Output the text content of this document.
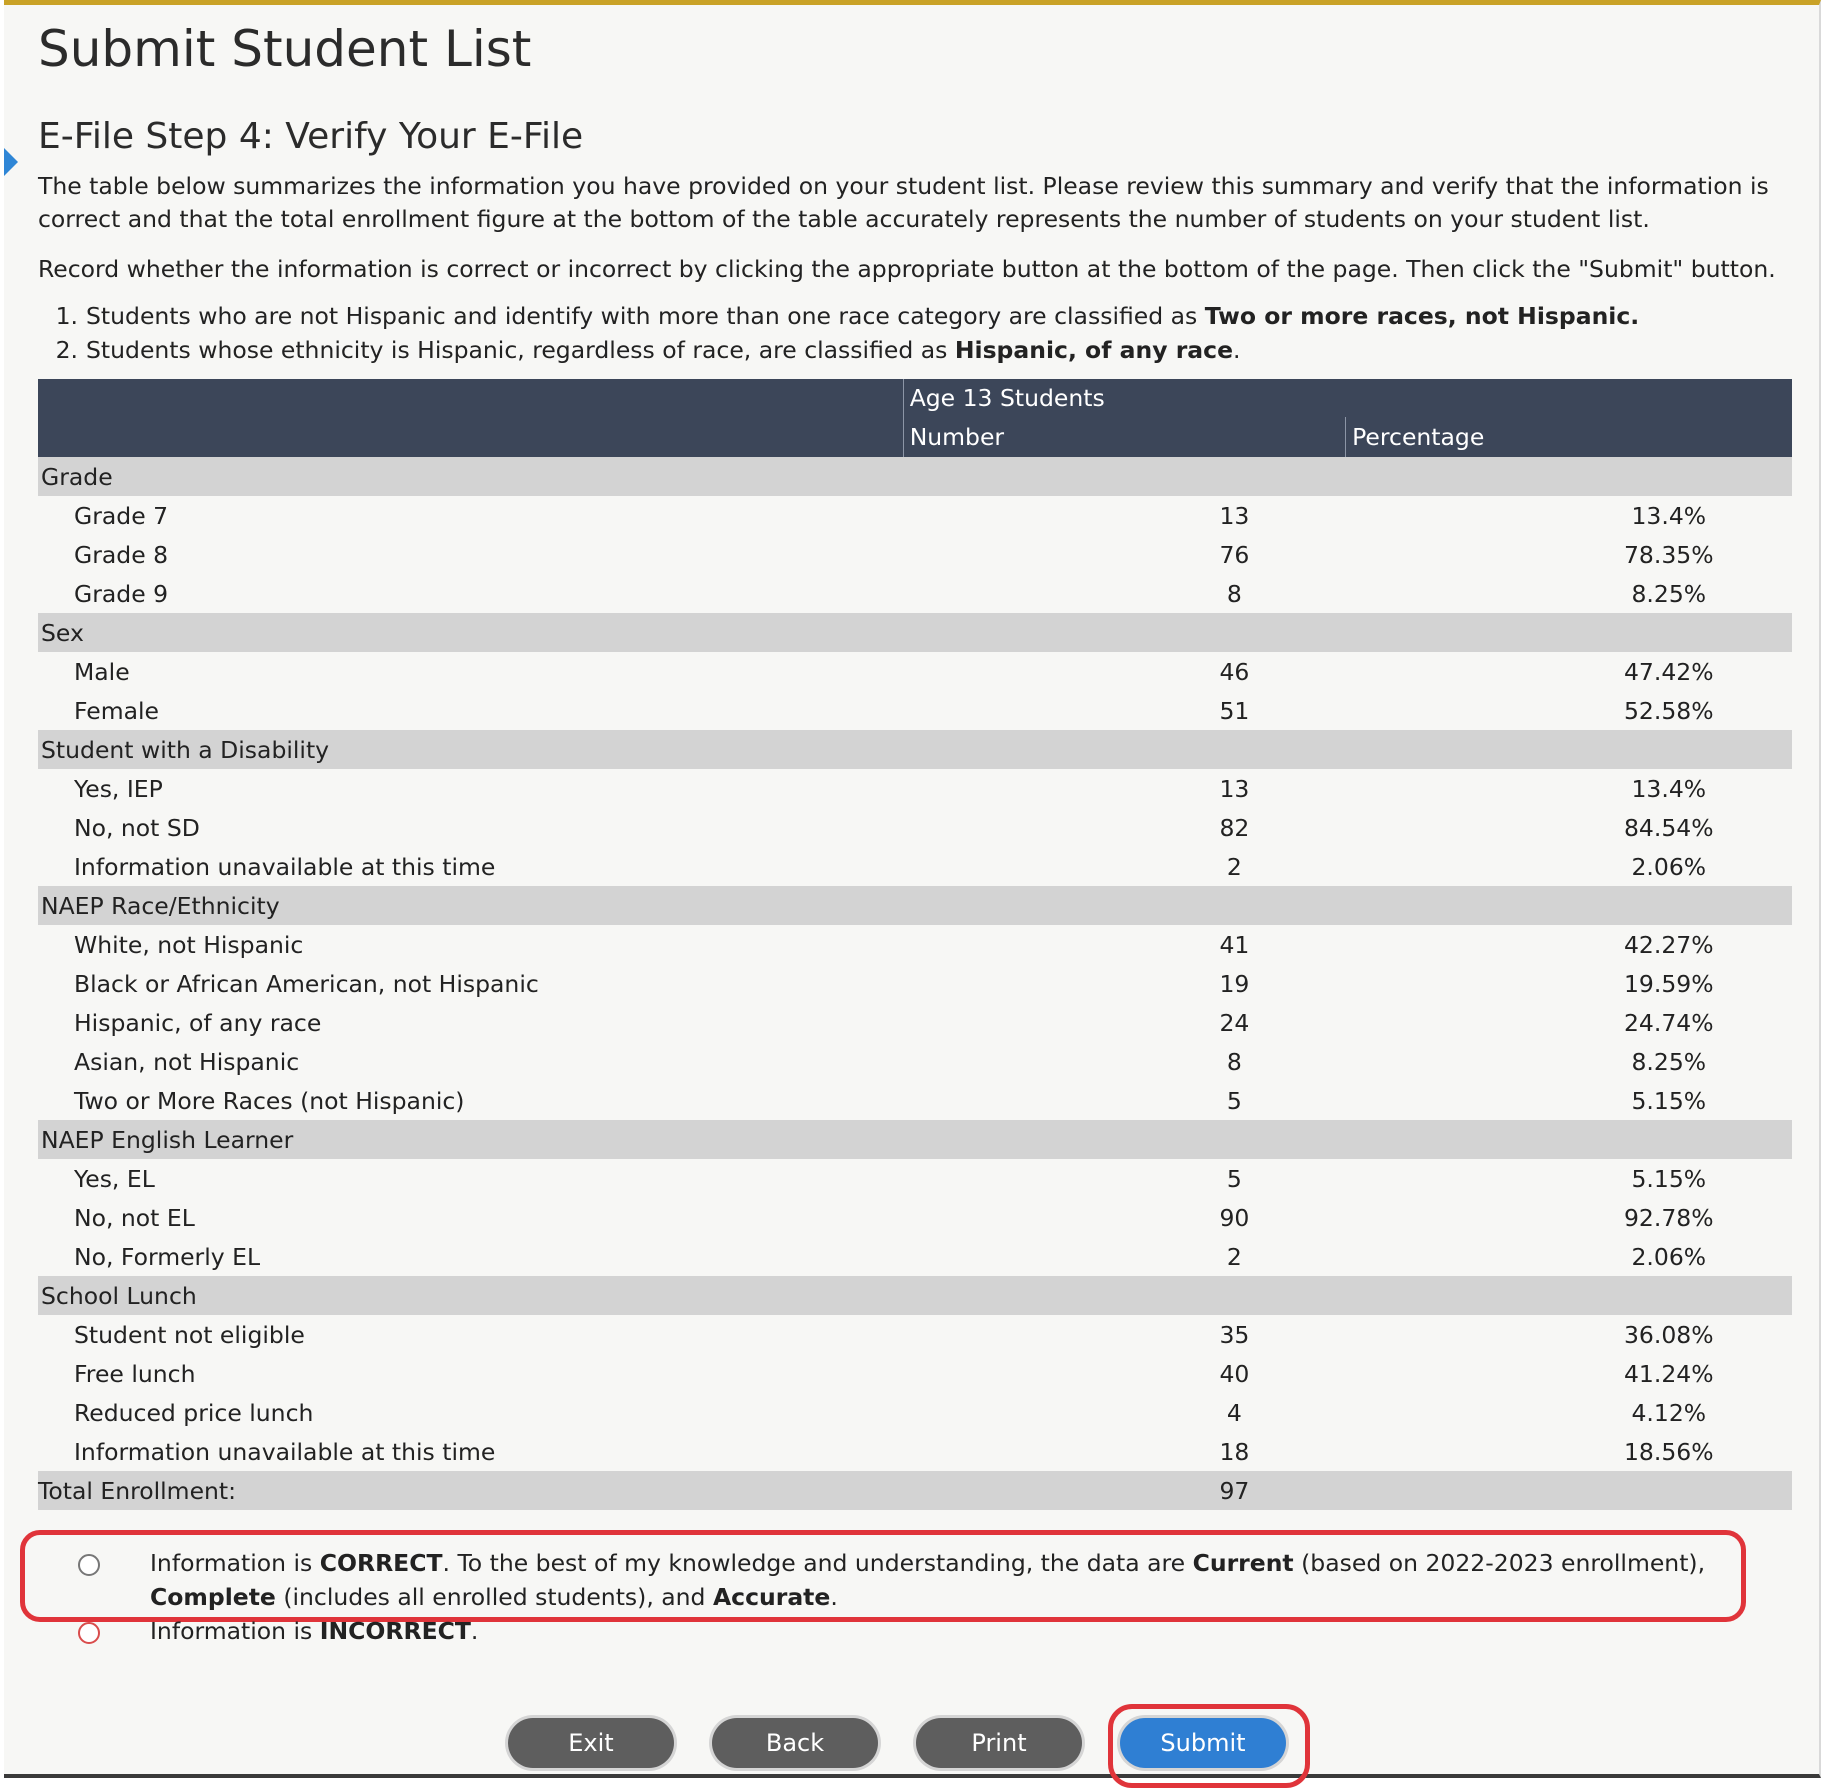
Submit Student List
E-File Step 4: Verify Your E-File

The table below summarizes the information you have provided on your student list. Please review this summary and verify that the information is correct and that the total enrollment figure at the bottom of the table accurately represents the number of students on your student list.

Record whether the information is correct or incorrect by clicking the appropriate button at the bottom of the page. Then click the "Submit" button.

1. Students who are not Hispanic and identify with more than one race category are classified as Two or more races, not Hispanic.
2. Students whose ethnicity is Hispanic, regardless of race, are classified as Hispanic, of any race.
	Age 13 Students	
	Number	Percentage
Grade		
Grade 7	13	13.4%
Grade 8	76	78.35%
Grade 9	8	8.25%
Sex		
Male	46	47.42%
Female	51	52.58%
Student with a Disability		
Yes, IEP	13	13.4%
No, not SD	82	84.54%
Information unavailable at this time	2	2.06%
NAEP Race/Ethnicity		
White, not Hispanic	41	42.27%
Black or African American, not Hispanic	19	19.59%
Hispanic, of any race	24	24.74%
Asian, not Hispanic	8	8.25%
Two or More Races (not Hispanic)	5	5.15%
NAEP English Learner		
Yes, EL	5	5.15%
No, not EL	90	92.78%
No, Formerly EL	2	2.06%
School Lunch		
Student not eligible	35	36.08%
Free lunch	40	41.24%
Reduced price lunch	4	4.12%
Information unavailable at this time	18	18.56%
Total Enrollment:	97	
Information is CORRECT. To the best of my knowledge and understanding, the data are Current (based on 2022-2023 enrollment), Complete (includes all enrolled students), and Accurate.
Information is INCORRECT.
Exit	Back	Print	Submit
